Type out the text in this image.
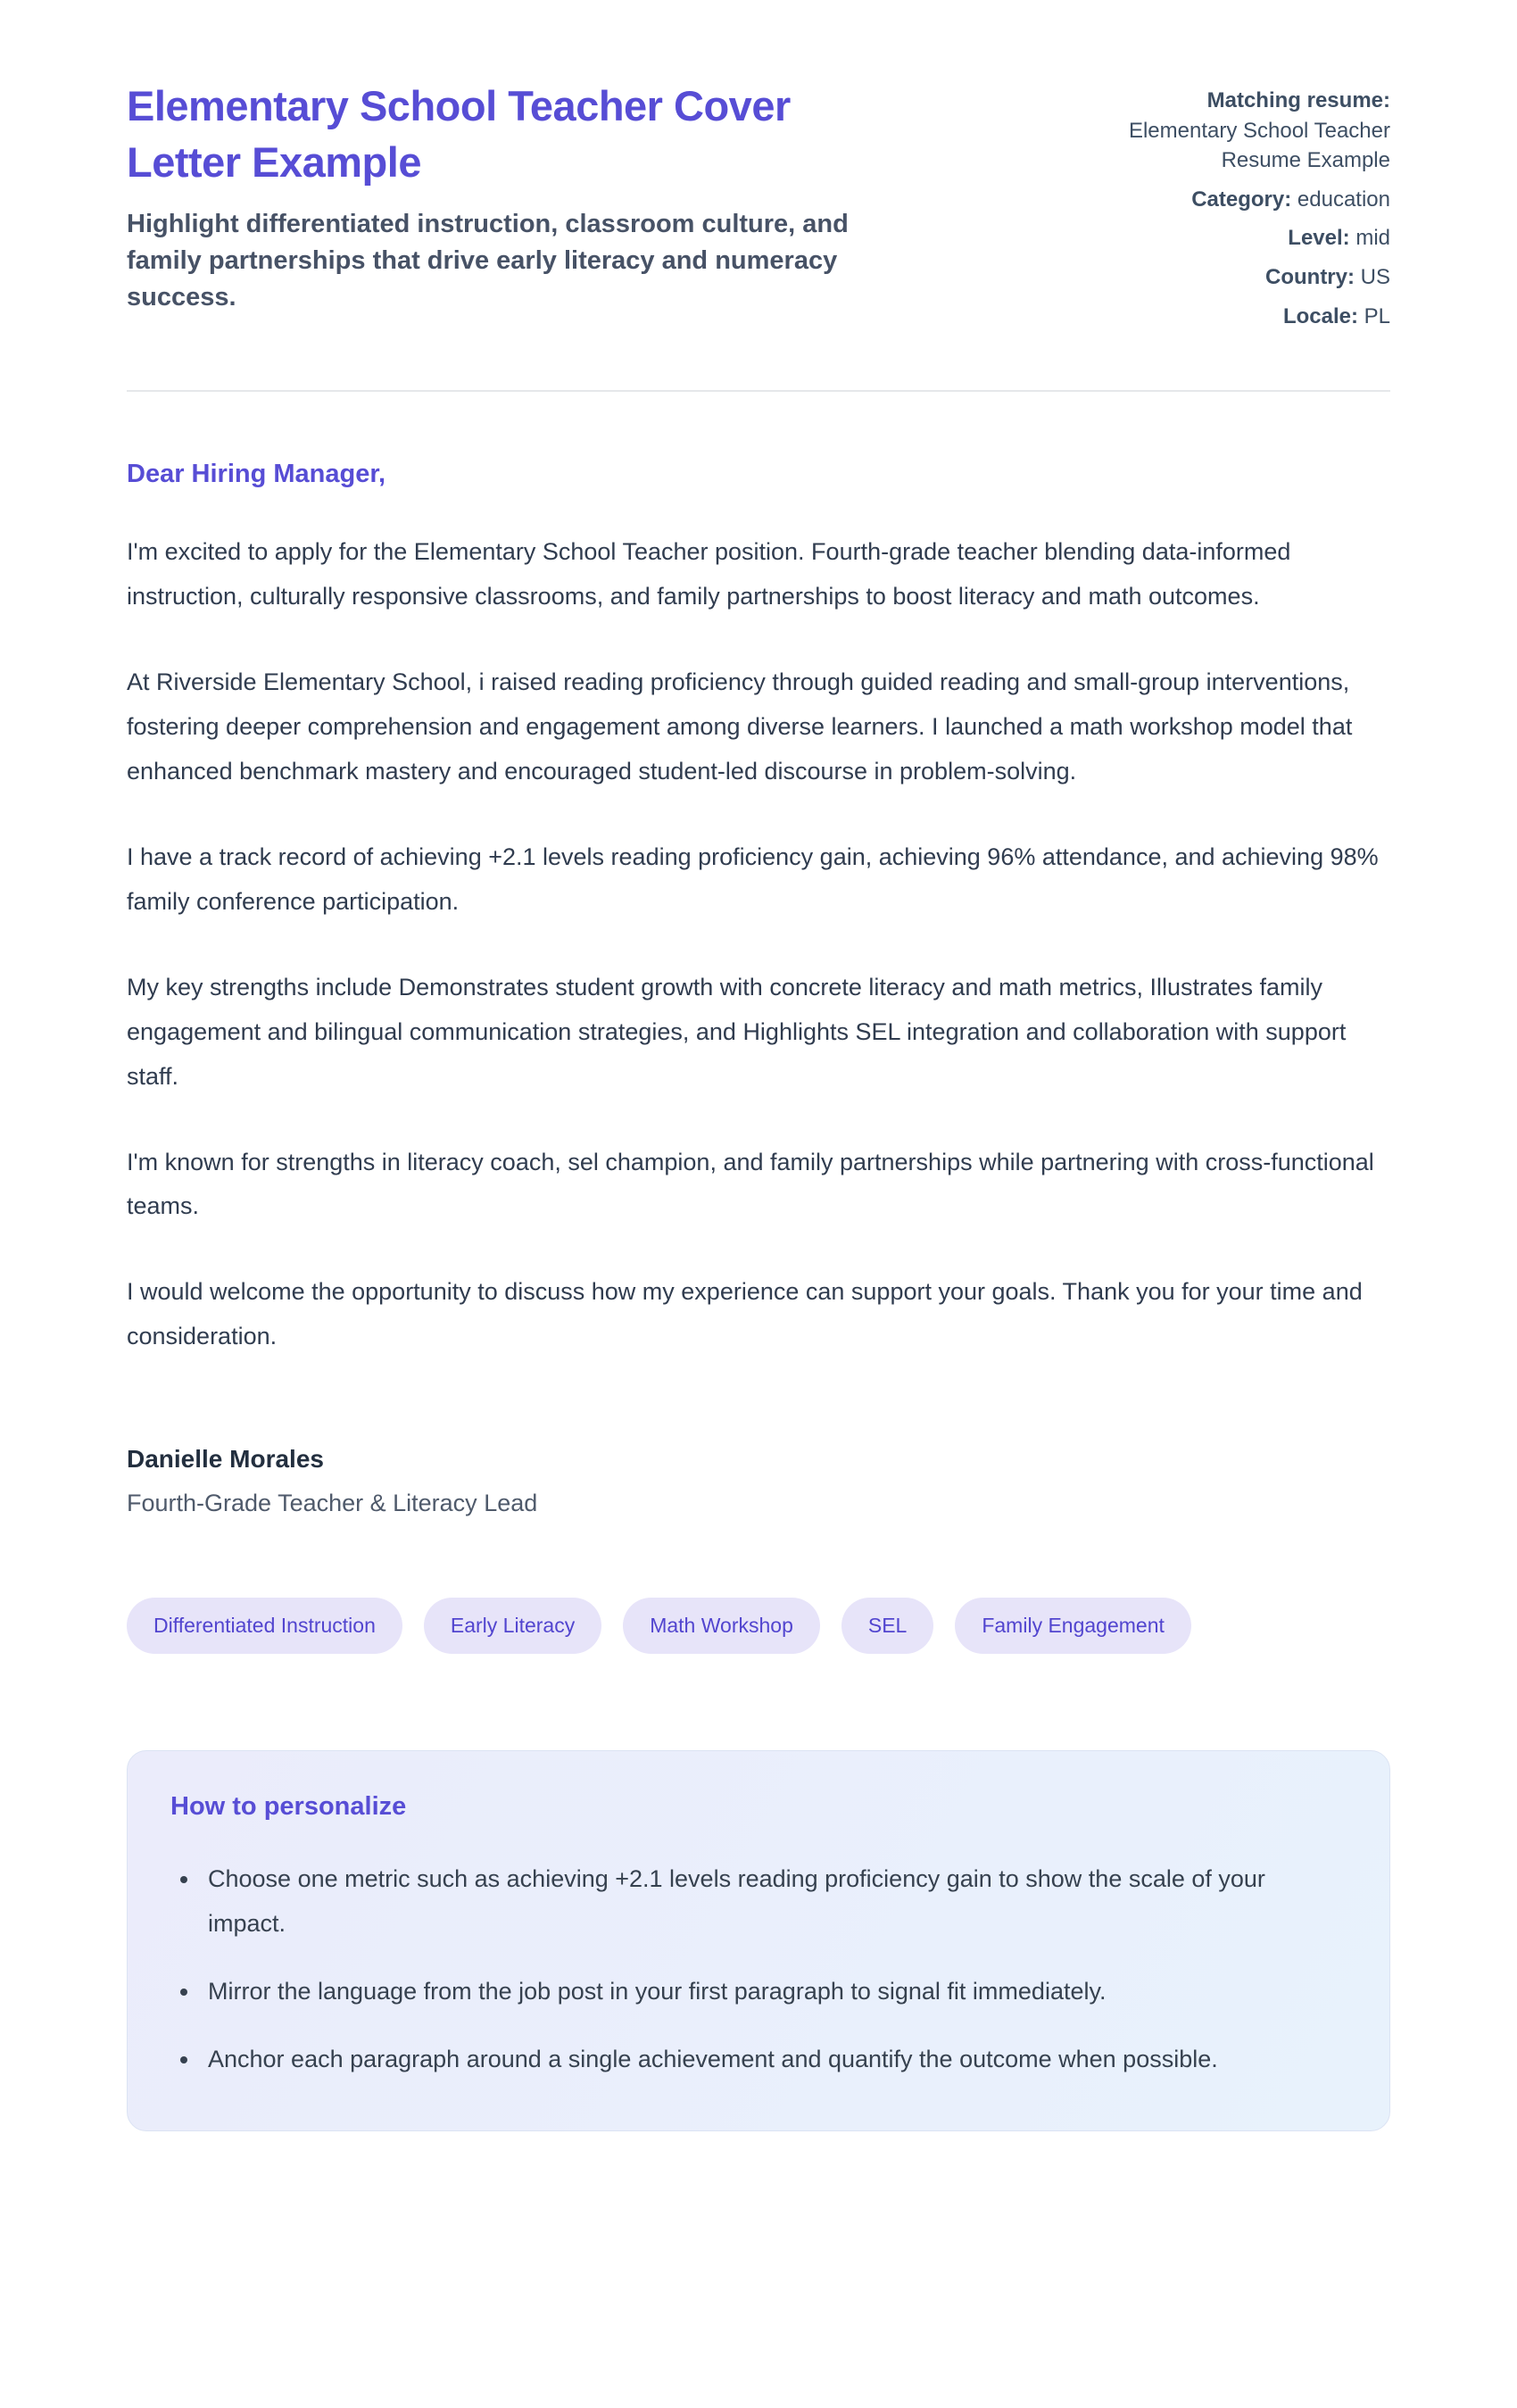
Elementary School Teacher Cover Letter Example

Highlight differentiated instruction, classroom culture, and family partnerships that drive early literacy and numeracy success.

Matching resume: Elementary School Teacher Resume Example
Category: education
Level: mid
Country: US
Locale: PL

Dear Hiring Manager,

I'm excited to apply for the Elementary School Teacher position. Fourth-grade teacher blending data-informed instruction, culturally responsive classrooms, and family partnerships to boost literacy and math outcomes.

At Riverside Elementary School, i raised reading proficiency through guided reading and small-group interventions, fostering deeper comprehension and engagement among diverse learners. I launched a math workshop model that enhanced benchmark mastery and encouraged student-led discourse in problem-solving.

I have a track record of achieving +2.1 levels reading proficiency gain, achieving 96% attendance, and achieving 98% family conference participation.

My key strengths include Demonstrates student growth with concrete literacy and math metrics, Illustrates family engagement and bilingual communication strategies, and Highlights SEL integration and collaboration with support staff.

I'm known for strengths in literacy coach, sel champion, and family partnerships while partnering with cross-functional teams.

I would welcome the opportunity to discuss how my experience can support your goals. Thank you for your time and consideration.

Danielle Morales

Fourth-Grade Teacher & Literacy Lead

Differentiated Instruction	Early Literacy	Math Workshop	SEL	Family Engagement
How to personalize
• Choose one metric such as achieving +2.1 levels reading proficiency gain to show the scale of your impact.
• Mirror the language from the job post in your first paragraph to signal fit immediately.
• Anchor each paragraph around a single achievement and quantify the outcome when possible.
